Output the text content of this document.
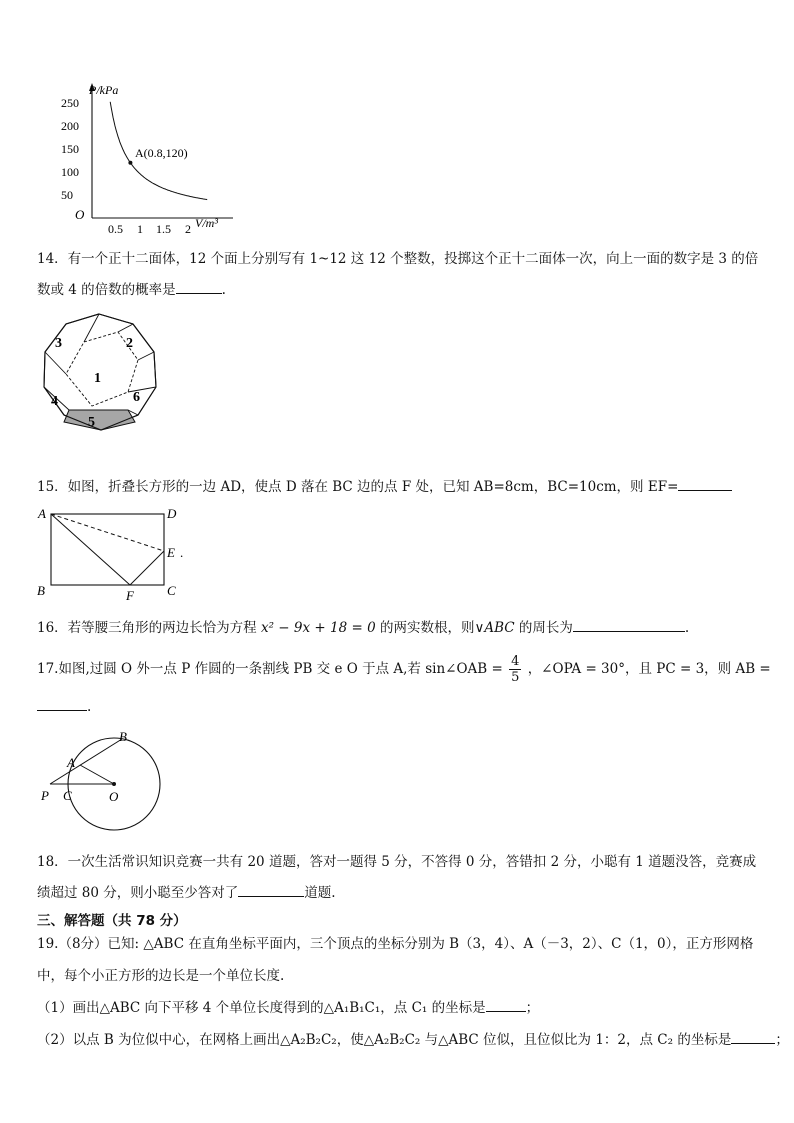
P/kPa
250
200
150
100
50
0.5 1 1.5 2
O
V/m³
A(0.8,120)
14．有一个正十二面体，12 个面上分别写有 1~12 这 12 个整数，投掷这个正十二面体一次，向上一面的数字是 3 的倍
数或 4 的倍数的概率是	.
1
2
3
4
5
6
15．如图，折叠长方形的一边 AD，使点 D 落在 BC 边的点 F 处，已知 AB=8cm，BC=10cm，则 EF=
A	D
E .
B	F	C
16．若等腰三角形的两边长恰为方程 x² − 9x + 18 = 0 的两实数根，则∨ABC 的周长为	.
17.如图,过圆 O 外一点 P 作圆的一条割线 PB 交 e O 于点 A,若 sin∠OAB = $\frac{4}{5}$ ，∠OPA = 30°，且 PC = 3，则 AB =
.
B
A
P C	O
18．一次生活常识知识竞赛一共有 20 道题，答对一题得 5 分，不答得 0 分，答错扣 2 分，小聪有 1 道题没答，竞赛成
绩超过 80 分，则小聪至少答对了	道题.
三、解答题（共 78 分）
19.（8分）已知: △ABC 在直角坐标平面内，三个顶点的坐标分别为 B（3，4）、A（－3，2）、C（1，0），正方形网格
中，每个小正方形的边长是一个单位长度.
（1）画出△ABC 向下平移 4 个单位长度得到的△A₁B₁C₁，点 C₁ 的坐标是	；
（2）以点 B 为位似中心，在网格上画出△A₂B₂C₂，使△A₂B₂C₂ 与△ABC 位似，且位似比为 1：2，点 C₂ 的坐标是	；
